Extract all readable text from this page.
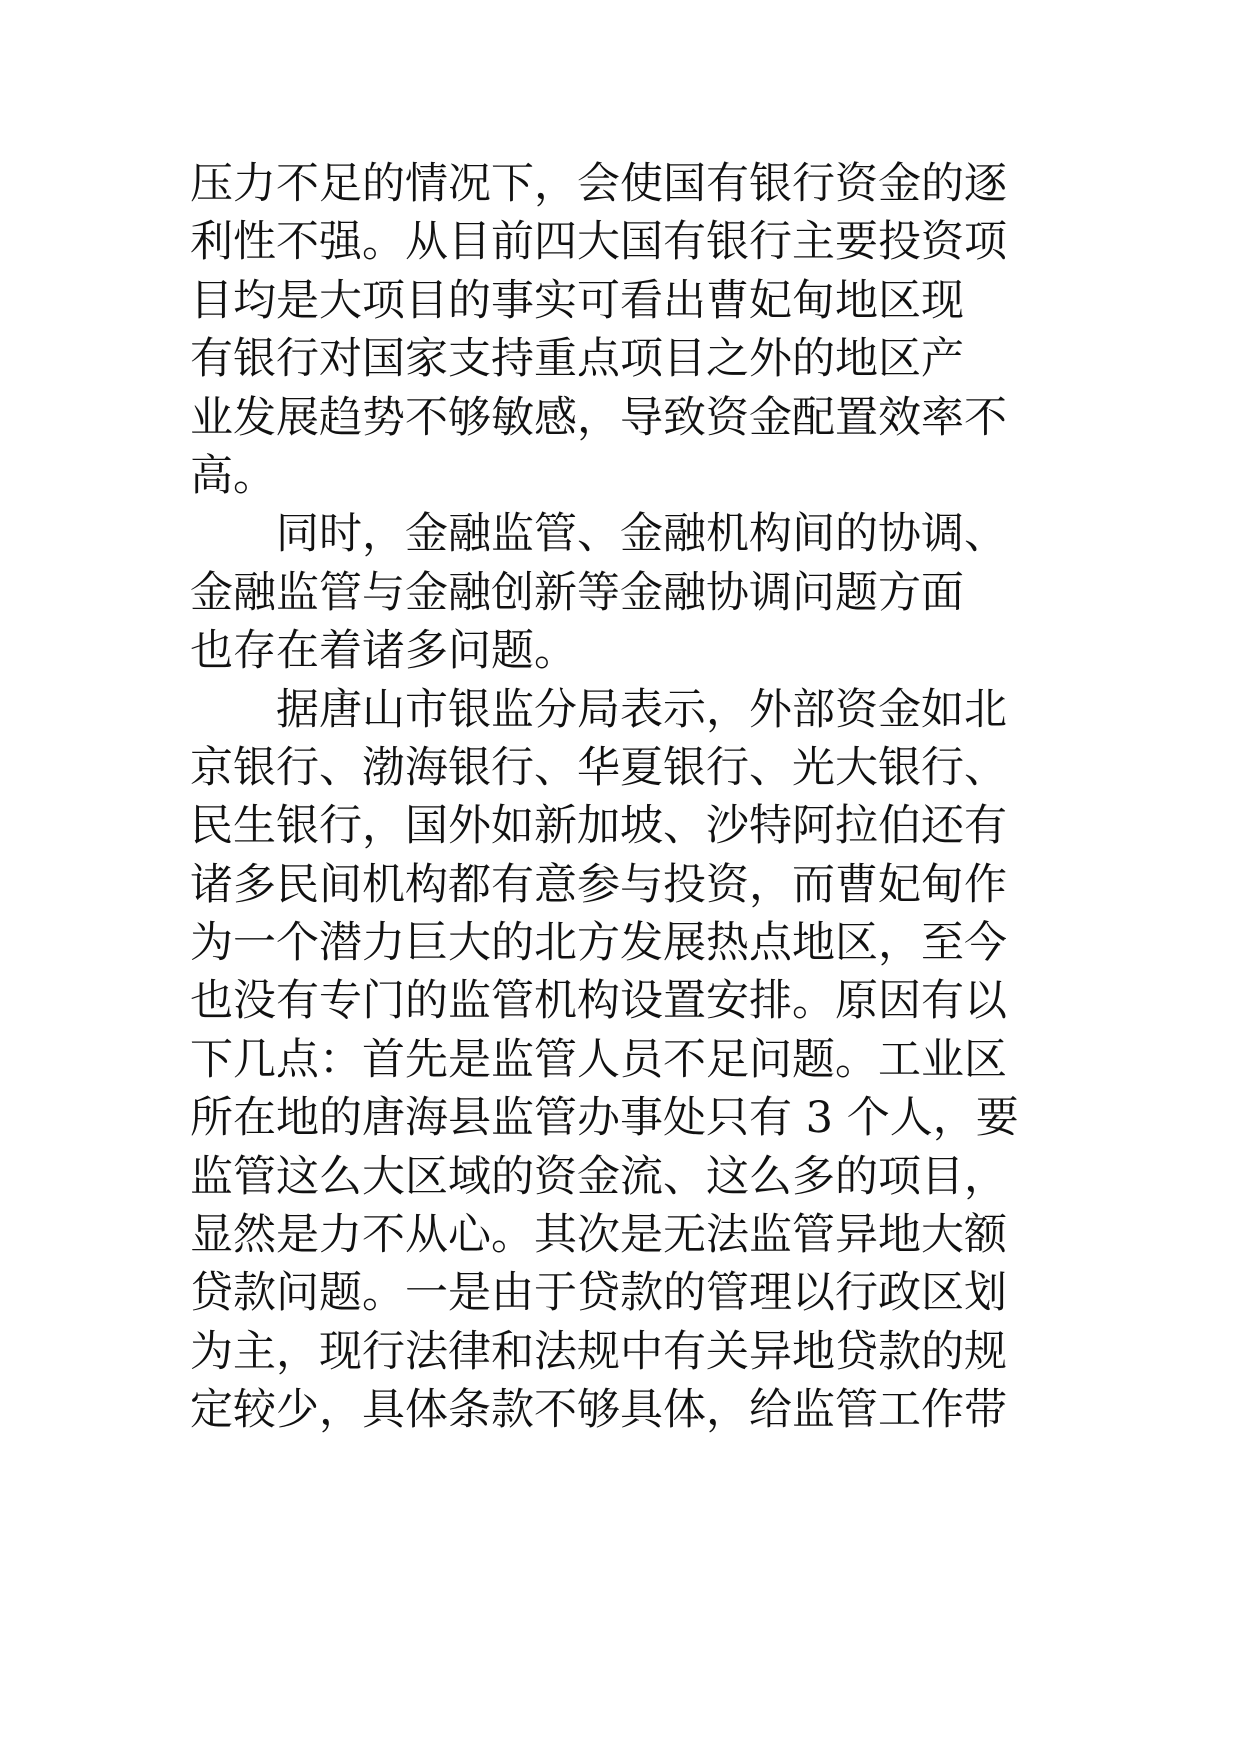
压力不足的情况下，会使国有银行资金的逐
利性不强。从目前四大国有银行主要投资项
目均是大项目的事实可看出曹妃甸地区现
有银行对国家支持重点项目之外的地区产
业发展趋势不够敏感，导致资金配置效率不
高。
　　同时，金融监管、金融机构间的协调、
金融监管与金融创新等金融协调问题方面
也存在着诸多问题。
　　据唐山市银监分局表示，外部资金如北
京银行、渤海银行、华夏银行、光大银行、
民生银行，国外如新加坡、沙特阿拉伯还有
诸多民间机构都有意参与投资，而曹妃甸作
为一个潜力巨大的北方发展热点地区，至今
也没有专门的监管机构设置安排。原因有以
下几点：首先是监管人员不足问题。工业区
所在地的唐海县监管办事处只有 3 个人，要
监管这么大区域的资金流、这么多的项目，
显然是力不从心。其次是无法监管异地大额
贷款问题。一是由于贷款的管理以行政区划
为主，现行法律和法规中有关异地贷款的规
定较少，具体条款不够具体，给监管工作带
